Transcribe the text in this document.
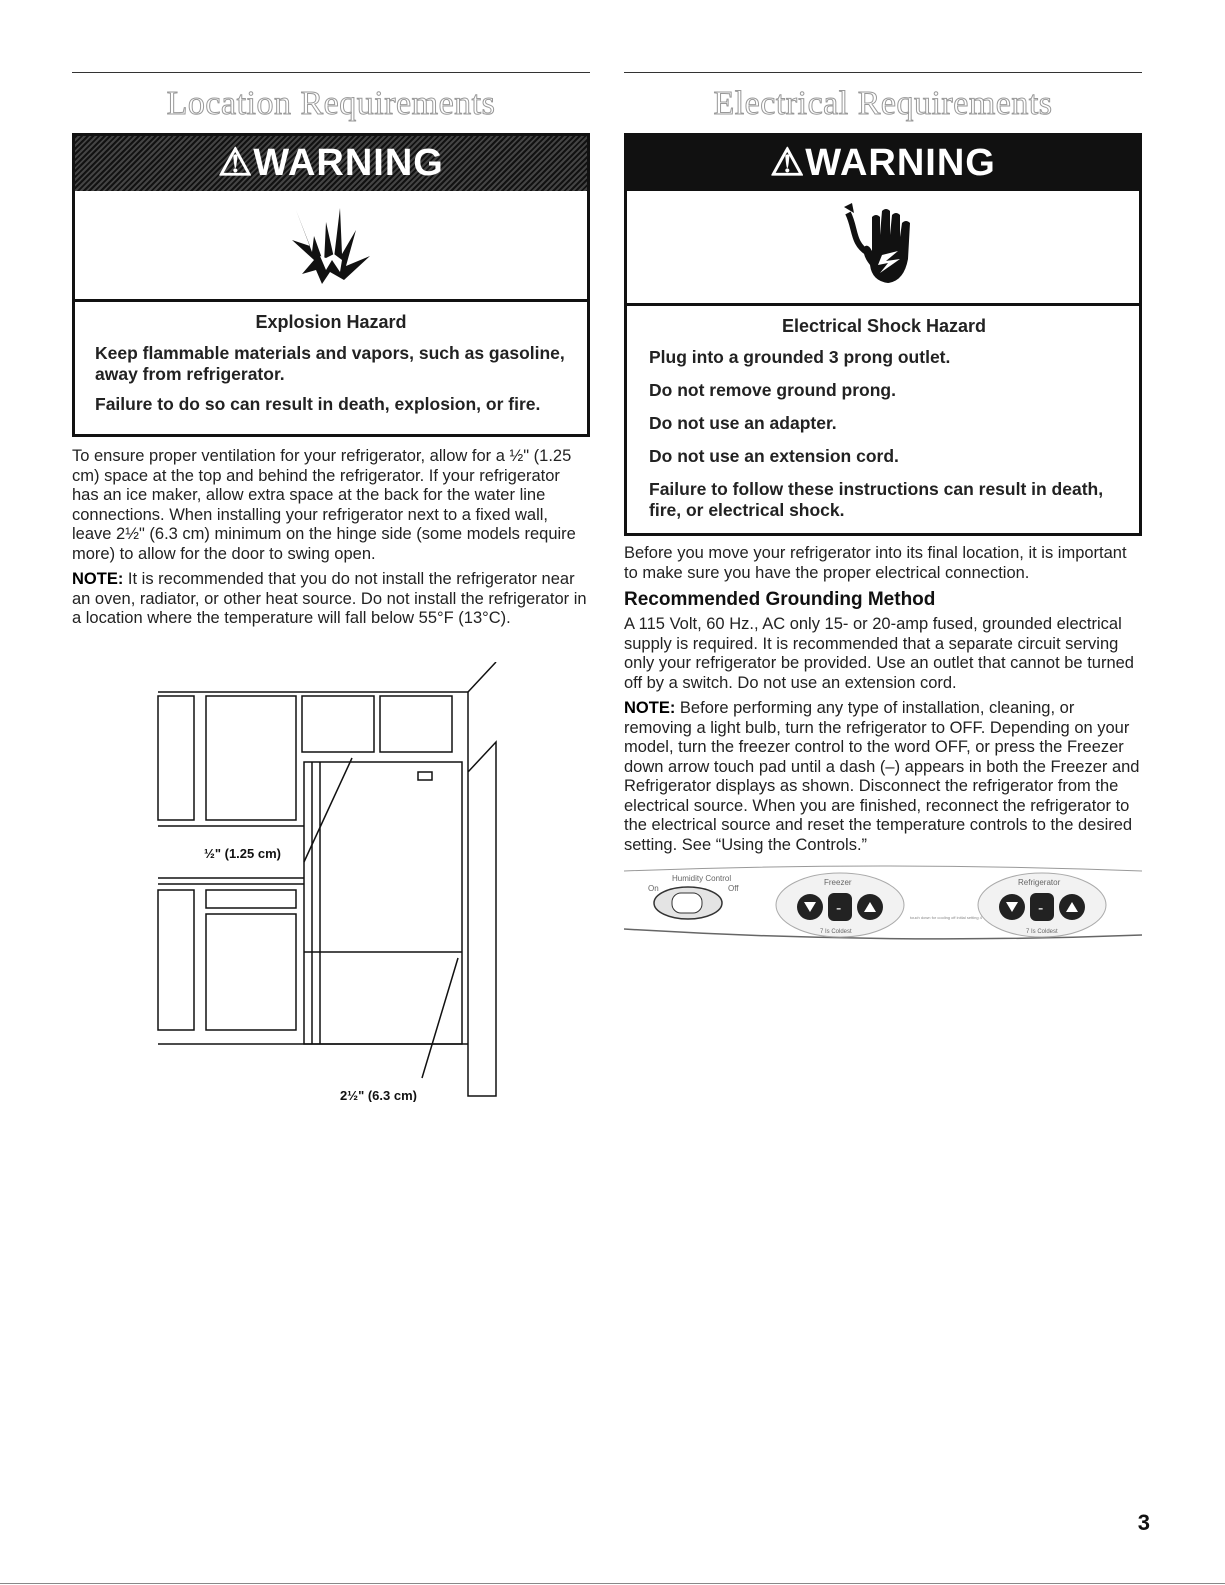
Location Requirements
⚠WARNING
Explosion Hazard
Keep flammable materials and vapors, such as gasoline, away from refrigerator.
Failure to do so can result in death, explosion, or fire.

To ensure proper ventilation for your refrigerator, allow for a ½" (1.25 cm) space at the top and behind the refrigerator. If your refrigerator has an ice maker, allow extra space at the back for the water line connections. When installing your refrigerator next to a fixed wall, leave 2½" (6.3 cm) minimum on the hinge side (some models require more) to allow for the door to swing open.

NOTE: It is recommended that you do not install the refrigerator near an oven, radiator, or other heat source. Do not install the refrigerator in a location where the temperature will fall below 55°F (13°C).

½" (1.25 cm)
2½" (6.3 cm)
Electrical Requirements
⚠WARNING
Electrical Shock Hazard
Plug into a grounded 3 prong outlet.
Do not remove ground prong.
Do not use an adapter.
Do not use an extension cord.
Failure to follow these instructions can result in death, fire, or electrical shock.

Before you move your refrigerator into its final location, it is important to make sure you have the proper electrical connection.

Recommended Grounding Method

A 115 Volt, 60 Hz., AC only 15- or 20-amp fused, grounded electrical supply is required. It is recommended that a separate circuit serving only your refrigerator be provided. Use an outlet that cannot be turned off by a switch. Do not use an extension cord.

NOTE: Before performing any type of installation, cleaning, or removing a light bulb, turn the refrigerator to OFF. Depending on your model, turn the freezer control to the word OFF, or press the Freezer down arrow touch pad until a dash (–) appears in both the Freezer and Refrigerator displays as shown. Disconnect the refrigerator from the electrical source. When you are finished, reconnect the refrigerator to the electrical source and reset the temperature controls to the desired setting. See “Using the Controls.”

Humidity Control
On	Off
Freezer
-
7 Is Coldest
touch down for cooling off initial setting 4
Refrigerator
-
7 Is Coldest
3
